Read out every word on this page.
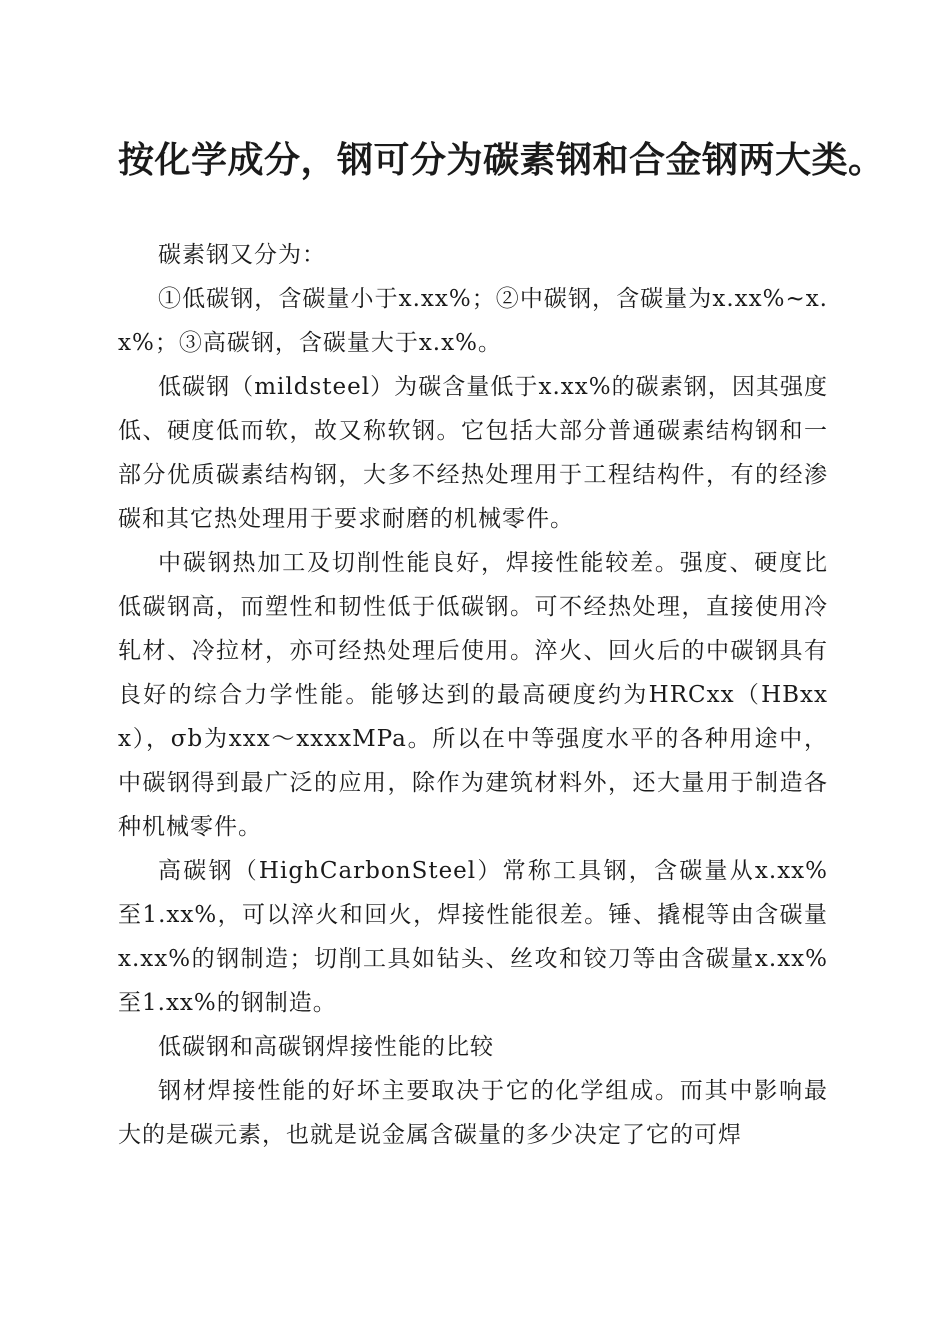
按化学成分，钢可分为碳素钢和合金钢两大类。

碳素钢又分为：

①低碳钢，含碳量小于x.xx%；②中碳钢，含碳量为x.xx%~x.x%；③高碳钢，含碳量大于x.x%。

低碳钢（mildsteel）为碳含量低于x.xx%的碳素钢，因其强度低、硬度低而软，故又称软钢。它包括大部分普通碳素结构钢和一部分优质碳素结构钢，大多不经热处理用于工程结构件，有的经渗碳和其它热处理用于要求耐磨的机械零件。

中碳钢热加工及切削性能良好，焊接性能较差。强度、硬度比低碳钢高，而塑性和韧性低于低碳钢。可不经热处理，直接使用冷轧材、冷拉材，亦可经热处理后使用。淬火、回火后的中碳钢具有良好的综合力学性能。能够达到的最高硬度约为HRCxx（HBxxx），σb为xxx～xxxxMPa。所以在中等强度水平的各种用途中，中碳钢得到最广泛的应用，除作为建筑材料外，还大量用于制造各种机械零件。

高碳钢（HighCarbonSteel）常称工具钢，含碳量从x.xx%至1.xx%，可以淬火和回火，焊接性能很差。锤、撬棍等由含碳量x.xx%的钢制造；切削工具如钻头、丝攻和铰刀等由含碳量x.xx%至1.xx%的钢制造。

低碳钢和高碳钢焊接性能的比较

钢材焊接性能的好坏主要取决于它的化学组成。而其中影响最大的是碳元素，也就是说金属含碳量的多少决定了它的可焊
